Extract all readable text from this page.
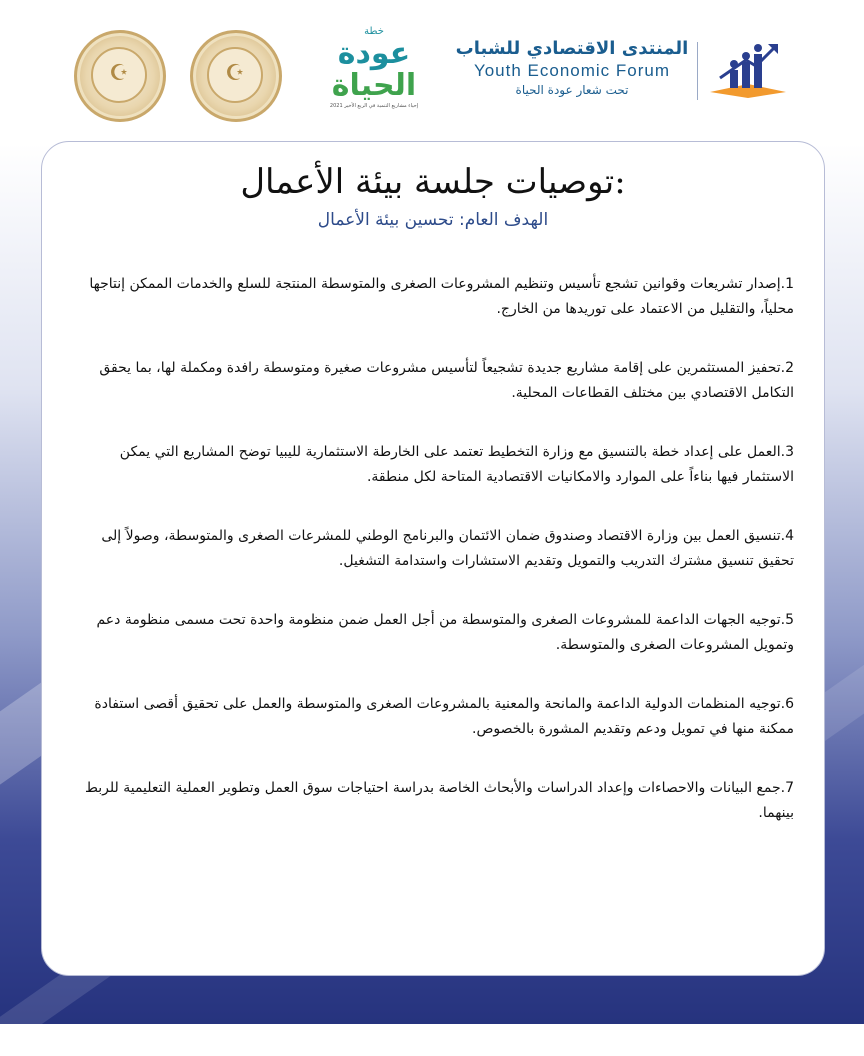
☪	☪
خطة
عودة
الحياة
إحياء مشاريع التنمية في الربع الأخير 2021
المنتدى الاقتصادي للشباب
Youth Economic Forum
تحت شعار عودة الحياة
توصيات جلسة بيئة الأعمال:
الهدف العام: تحسين بيئة الأعمال
1.إصدار تشريعات وقوانين تشجع تأسيس وتنظيم المشروعات الصغرى والمتوسطة المنتجة للسلع والخدمات الممكن إنتاجها محلياً، والتقليل من الاعتماد على توريدها من الخارج.
2.تحفيز المستثمرين على إقامة مشاريع جديدة تشجيعاً لتأسيس مشروعات صغيرة ومتوسطة رافدة ومكملة لها، بما يحقق التكامل الاقتصادي بين مختلف القطاعات المحلية.
3.العمل على إعداد خطة بالتنسيق مع وزارة التخطيط تعتمد على الخارطة الاستثمارية لليبيا توضح المشاريع التي يمكن الاستثمار فيها بناءاً على الموارد والامكانيات الاقتصادية المتاحة لكل منطقة.
4.تنسيق العمل بين وزارة الاقتصاد وصندوق ضمان الائتمان والبرنامج الوطني للمشرعات الصغرى والمتوسطة، وصولاً إلى تحقيق تنسيق مشترك التدريب والتمويل وتقديم الاستشارات واستدامة التشغيل.
5.توجيه الجهات الداعمة للمشروعات الصغرى والمتوسطة من أجل العمل ضمن منظومة واحدة تحت مسمى منظومة دعم وتمويل المشروعات الصغرى والمتوسطة.
6.توجيه المنظمات الدولية الداعمة والمانحة والمعنية بالمشروعات الصغرى والمتوسطة والعمل على تحقيق أقصى استفادة ممكنة منها في تمويل ودعم وتقديم المشورة بالخصوص.
7.جمع البيانات والاحصاءات وإعداد الدراسات والأبحاث الخاصة بدراسة احتياجات سوق العمل وتطوير العملية التعليمية للربط بينهما.
